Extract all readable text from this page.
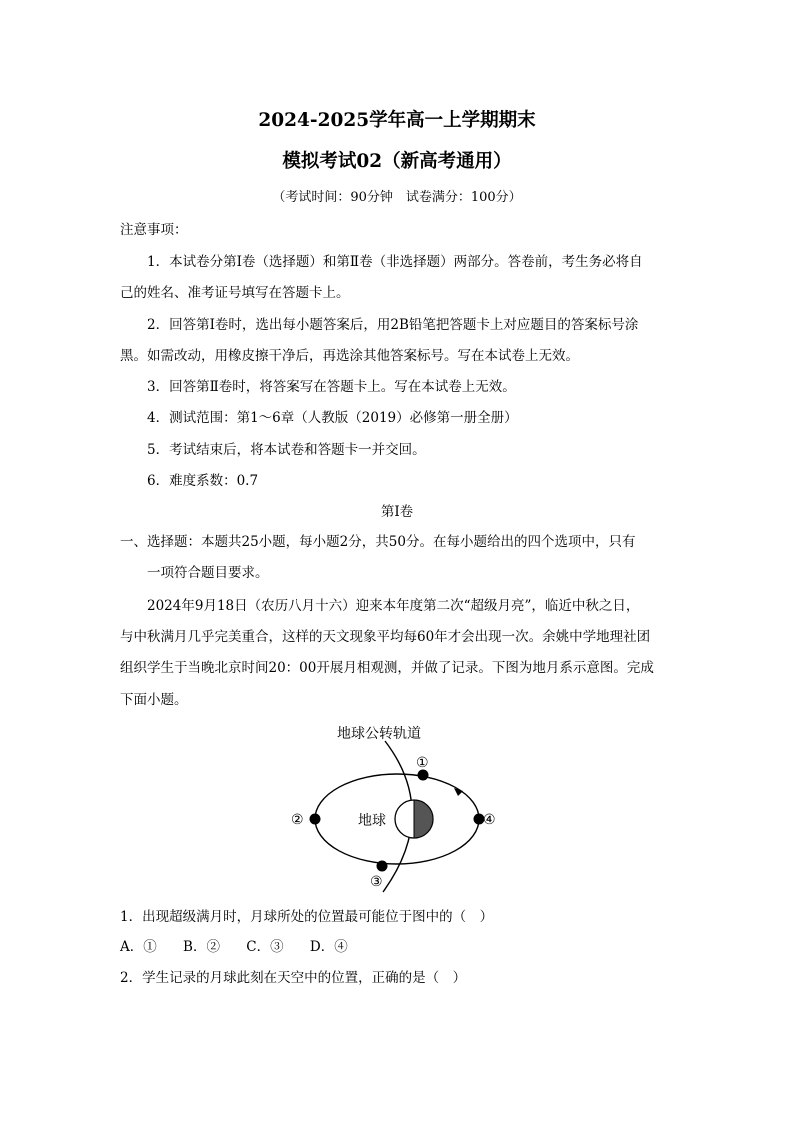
2024-2025学年高一上学期期末
模拟考试02（新高考通用）
（考试时间：90分钟　试卷满分：100分）
注意事项：
1．本试卷分第Ⅰ卷（选择题）和第Ⅱ卷（非选择题）两部分。答卷前，考生务必将自
己的姓名、准考证号填写在答题卡上。
2．回答第Ⅰ卷时，选出每小题答案后，用2B铅笔把答题卡上对应题目的答案标号涂
黑。如需改动，用橡皮擦干净后，再选涂其他答案标号。写在本试卷上无效。
3．回答第Ⅱ卷时，将答案写在答题卡上。写在本试卷上无效。
4．测试范围：第1～6章（人教版（2019）必修第一册全册）
5．考试结束后，将本试卷和答题卡一并交回。
6．难度系数：0.7
第Ⅰ卷
一、选择题：本题共25小题，每小题2分，共50分。在每小题给出的四个选项中，只有
一项符合题目要求。
2024年9月18日（农历八月十六）迎来本年度第二次“超级月亮”，临近中秋之日，
与中秋满月几乎完美重合，这样的天文现象平均每60年才会出现一次。余姚中学地理社团
组织学生于当晚北京时间20：00开展月相观测，并做了记录。下图为地月系示意图。完成
下面小题。
地球公转轨道
地球
①
②
③
④
1．出现超级满月时，月球所处的位置最可能位于图中的（　）
A．① B．② C．③ D．④
2．学生记录的月球此刻在天空中的位置，正确的是（　）
